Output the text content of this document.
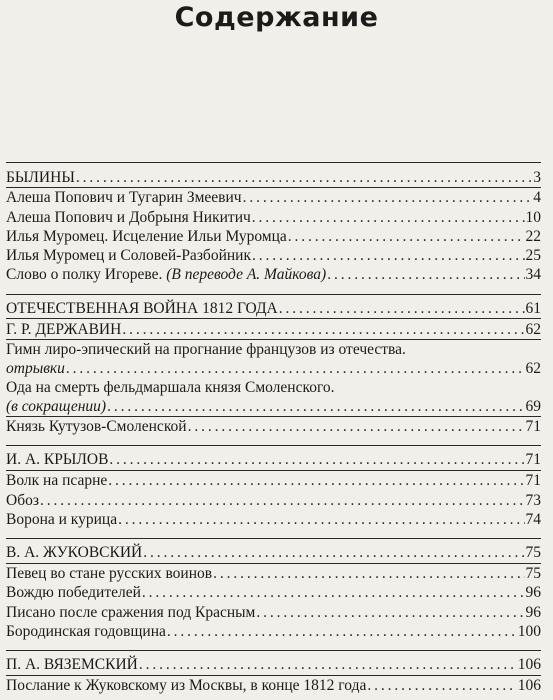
Содержание
БЫЛИНЫ . . .	3
Алеша Попович и Тугарин Змеевич . . .	4
Алеша Попович и Добрыня Никитич . . .	10
Илья Муромец. Исцеление Ильи Муромца . . .	22
Илья Муромец и Соловей-Разбойник . . .	25
Слово о полку Игореве. (В переводе А. Майкова) . . .	34
ОТЕЧЕСТВЕННАЯ ВОЙНА 1812 ГОДА . . .	61
Г. Р. ДЕРЖАВИН . . .	62
Гимн лиро-эпический на прогнание французов из отечества.
отрывки . . .	62
Ода на смерть фельдмаршала князя Смоленского.
(в сокращении) . . .	69
Князь Кутузов-Смоленской . . .	71
И. А. КРЫЛОВ . . .	71
Волк на псарне . . .	71
Обоз . . .	73
Ворона и курица . . .	74
В. А. ЖУКОВСКИЙ . . .	75
Певец во стане русских воинов . . .	75
Вождю победителей . . .	96
Писано после сражения под Красным . . .	96
Бородинская годовщина . . .	100
П. А. ВЯЗЕМСКИЙ . . .	106
Послание к Жуковскому из Москвы, в конце 1812 года . . .	106
